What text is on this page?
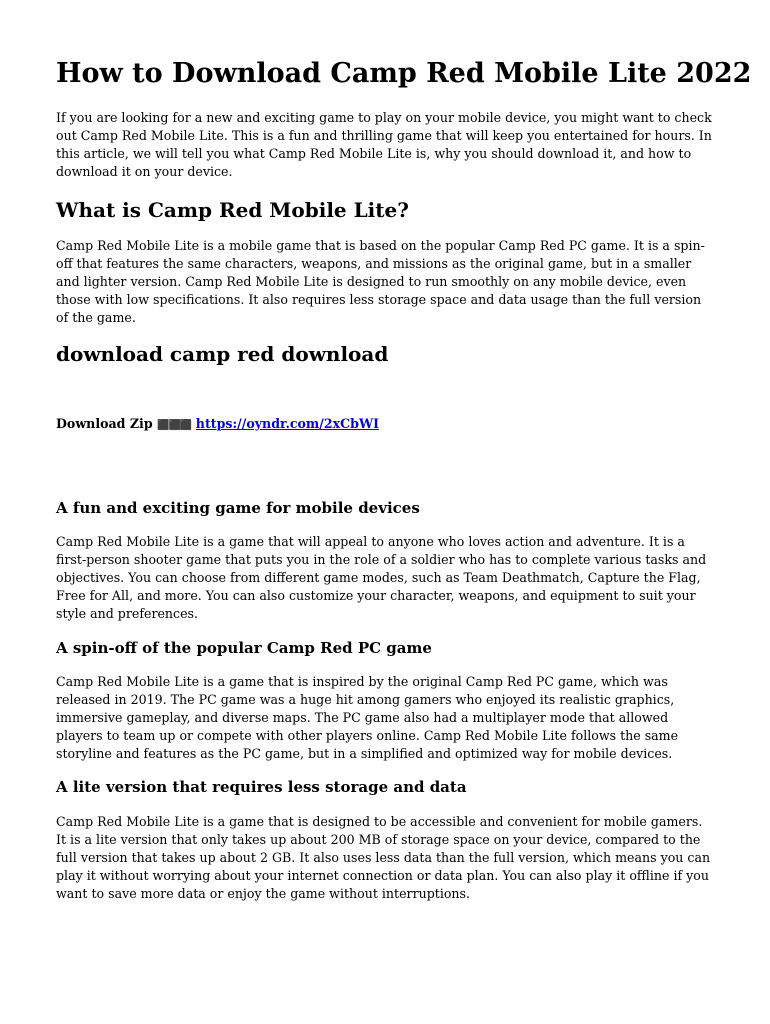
How to Download Camp Red Mobile Lite 2022

If you are looking for a new and exciting game to play on your mobile device, you might want to check out Camp Red Mobile Lite. This is a fun and thrilling game that will keep you entertained for hours. In this article, we will tell you what Camp Red Mobile Lite is, why you should download it, and how to download it on your device.

What is Camp Red Mobile Lite?

Camp Red Mobile Lite is a mobile game that is based on the popular Camp Red PC game. It is a spin-off that features the same characters, weapons, and missions as the original game, but in a smaller and lighter version. Camp Red Mobile Lite is designed to run smoothly on any mobile device, even those with low specifications. It also requires less storage space and data usage than the full version of the game.

download camp red download
Download Zip ⬛⬛⬛ https://oyndr.com/2xCbWI
A fun and exciting game for mobile devices

Camp Red Mobile Lite is a game that will appeal to anyone who loves action and adventure. It is a first-person shooter game that puts you in the role of a soldier who has to complete various tasks and objectives. You can choose from different game modes, such as Team Deathmatch, Capture the Flag, Free for All, and more. You can also customize your character, weapons, and equipment to suit your style and preferences.

A spin-off of the popular Camp Red PC game

Camp Red Mobile Lite is a game that is inspired by the original Camp Red PC game, which was released in 2019. The PC game was a huge hit among gamers who enjoyed its realistic graphics, immersive gameplay, and diverse maps. The PC game also had a multiplayer mode that allowed players to team up or compete with other players online. Camp Red Mobile Lite follows the same storyline and features as the PC game, but in a simplified and optimized way for mobile devices.

A lite version that requires less storage and data

Camp Red Mobile Lite is a game that is designed to be accessible and convenient for mobile gamers. It is a lite version that only takes up about 200 MB of storage space on your device, compared to the full version that takes up about 2 GB. It also uses less data than the full version, which means you can play it without worrying about your internet connection or data plan. You can also play it offline if you want to save more data or enjoy the game without interruptions.
